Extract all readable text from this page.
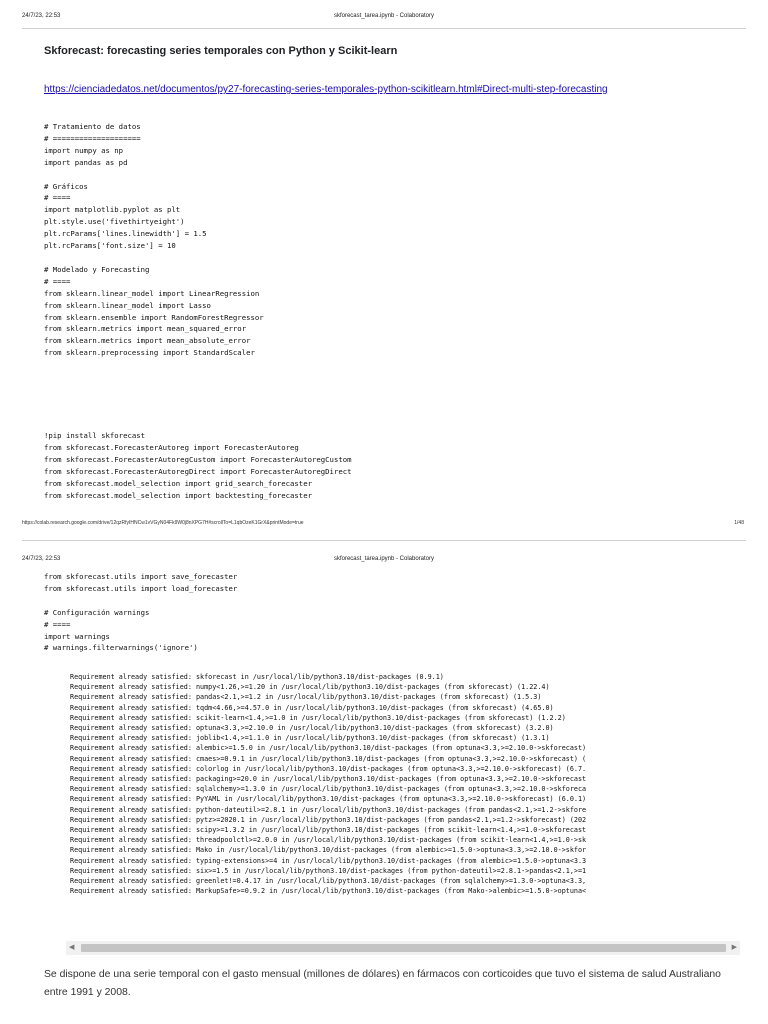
24/7/23, 22:53	skforecast_tarea.ipynb - Colaboratory
Skforecast: forecasting series temporales con Python y Scikit-learn
https://cienciadedatos.net/documentos/py27-forecasting-series-temporales-python-scikitlearn.html#Direct-multi-step-forecasting
# Tratamiento de datos
# ====================
import numpy as np
import pandas as pd

# Gráficos
# ====
import matplotlib.pyplot as plt
plt.style.use('fivethirtyeight')
plt.rcParams['lines.linewidth'] = 1.5
plt.rcParams['font.size'] = 10

# Modelado y Forecasting
# ====
from sklearn.linear_model import LinearRegression
from sklearn.linear_model import Lasso
from sklearn.ensemble import RandomForestRegressor
from sklearn.metrics import mean_squared_error
from sklearn.metrics import mean_absolute_error
from sklearn.preprocessing import StandardScaler
!pip install skforecast
from skforecast.ForecasterAutoreg import ForecasterAutoreg
from skforecast.ForecasterAutoregCustom import ForecasterAutoregCustom
from skforecast.ForecasterAutoregDirect import ForecasterAutoregDirect
from skforecast.model_selection import grid_search_forecaster
from skforecast.model_selection import backtesting_forecaster
https://colab.research.google.com/drive/12qzRfyIHNCw1vVGyN04Fk9W0j8nXPG7H#scrollTo=L1qbOzeK1GrX&printMode=true	1/48
24/7/23, 22:53	skforecast_tarea.ipynb - Colaboratory
from skforecast.utils import save_forecaster
from skforecast.utils import load_forecaster

# Configuración warnings
# ====
import warnings
# warnings.filterwarnings('ignore')
Requirement already satisfied: skforecast in /usr/local/lib/python3.10/dist-packages (0.9.1)
Requirement already satisfied: numpy<1.26,>=1.20 in /usr/local/lib/python3.10/dist-packages (from skforecast) (1.22.4)
Requirement already satisfied: pandas<2.1,>=1.2 in /usr/local/lib/python3.10/dist-packages (from skforecast) (1.5.3)
Requirement already satisfied: tqdm<4.66,>=4.57.0 in /usr/local/lib/python3.10/dist-packages (from skforecast) (4.65.0)
Requirement already satisfied: scikit-learn<1.4,>=1.0 in /usr/local/lib/python3.10/dist-packages (from skforecast) (1.2.2)
Requirement already satisfied: optuna<3.3,>=2.10.0 in /usr/local/lib/python3.10/dist-packages (from skforecast) (3.2.0)
Requirement already satisfied: joblib<1.4,>=1.1.0 in /usr/local/lib/python3.10/dist-packages (from skforecast) (1.3.1)
Requirement already satisfied: alembic>=1.5.0 in /usr/local/lib/python3.10/dist-packages (from optuna<3.3,>=2.10.0->skforecast)
Requirement already satisfied: cmaes>=0.9.1 in /usr/local/lib/python3.10/dist-packages (from optuna<3.3,>=2.10.0->skforecast) (
Requirement already satisfied: colorlog in /usr/local/lib/python3.10/dist-packages (from optuna<3.3,>=2.10.0->skforecast) (6.7.
Requirement already satisfied: packaging>=20.0 in /usr/local/lib/python3.10/dist-packages (from optuna<3.3,>=2.10.0->skforecast
Requirement already satisfied: sqlalchemy>=1.3.0 in /usr/local/lib/python3.10/dist-packages (from optuna<3.3,>=2.10.0->skforeca
Requirement already satisfied: PyYAML in /usr/local/lib/python3.10/dist-packages (from optuna<3.3,>=2.10.0->skforecast) (6.0.1)
Requirement already satisfied: python-dateutil>=2.8.1 in /usr/local/lib/python3.10/dist-packages (from pandas<2.1,>=1.2->skfore
Requirement already satisfied: pytz>=2020.1 in /usr/local/lib/python3.10/dist-packages (from pandas<2.1,>=1.2->skforecast) (202
Requirement already satisfied: scipy>=1.3.2 in /usr/local/lib/python3.10/dist-packages (from scikit-learn<1.4,>=1.0->skforecast
Requirement already satisfied: threadpoolctl>=2.0.0 in /usr/local/lib/python3.10/dist-packages (from scikit-learn<1.4,>=1.0->sk
Requirement already satisfied: Mako in /usr/local/lib/python3.10/dist-packages (from alembic>=1.5.0->optuna<3.3,>=2.10.0->skfor
Requirement already satisfied: typing-extensions>=4 in /usr/local/lib/python3.10/dist-packages (from alembic>=1.5.0->optuna<3.3
Requirement already satisfied: six>=1.5 in /usr/local/lib/python3.10/dist-packages (from python-dateutil>=2.8.1->pandas<2.1,>=1
Requirement already satisfied: greenlet!=0.4.17 in /usr/local/lib/python3.10/dist-packages (from sqlalchemy>=1.3.0->optuna<3.3,
Requirement already satisfied: MarkupSafe>=0.9.2 in /usr/local/lib/python3.10/dist-packages (from Mako->alembic>=1.5.0->optuna<
◀	▶
Se dispone de una serie temporal con el gasto mensual (millones de dólares) en fármacos con corticoides que tuvo el sistema de salud Australiano entre 1991 y 2008.
